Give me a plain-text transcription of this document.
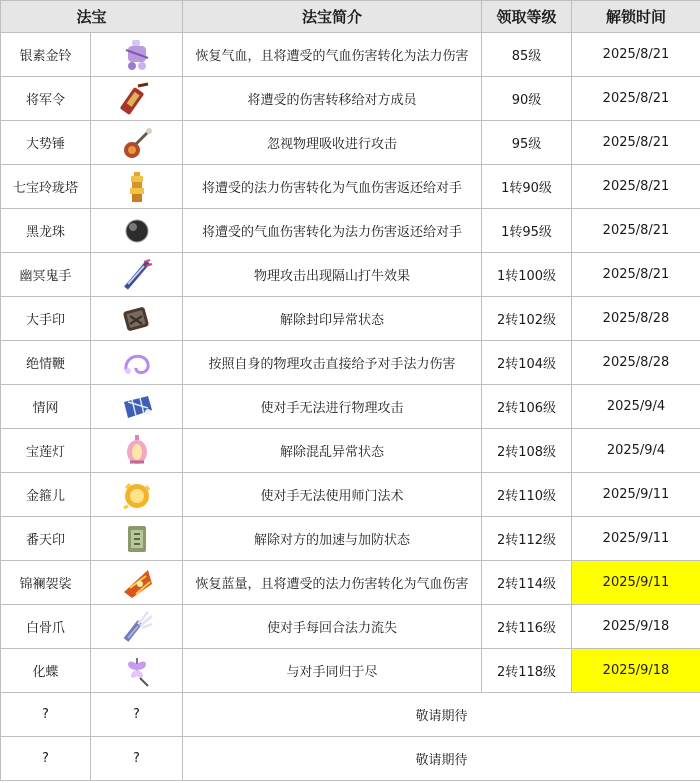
法宝		法宝简介	领取等级	解锁时间
银素金铃		恢复气血，且将遭受的气血伤害转化为法力伤害	85级	2025/8/21
将军令		将遭受的伤害转移给对方成员	90级	2025/8/21
大势锤		忽视物理吸收进行攻击	95级	2025/8/21
七宝玲珑塔		将遭受的法力伤害转化为气血伤害返还给对手	1转90级	2025/8/21
黑龙珠		将遭受的气血伤害转化为法力伤害返还给对手	1转95级	2025/8/21
幽冥鬼手		物理攻击出现隔山打牛效果	1转100级	2025/8/21
大手印		解除封印异常状态	2转102级	2025/8/28
绝情鞭		按照自身的物理攻击直接给予对手法力伤害	2转104级	2025/8/28
情网		使对手无法进行物理攻击	2转106级	2025/9/4
宝莲灯		解除混乱异常状态	2转108级	2025/9/4
金箍儿		使对手无法使用师门法术	2转110级	2025/9/11
番天印		解除对方的加速与加防状态	2转112级	2025/9/11
锦襕袈裟		恢复蓝量，且将遭受的法力伤害转化为气血伤害	2转114级	2025/9/11
白骨爪		使对手每回合法力流失	2转116级	2025/9/18
化蝶		与对手同归于尽	2转118级	2025/9/18
?	?	敬请期待		
?	?	敬请期待		
